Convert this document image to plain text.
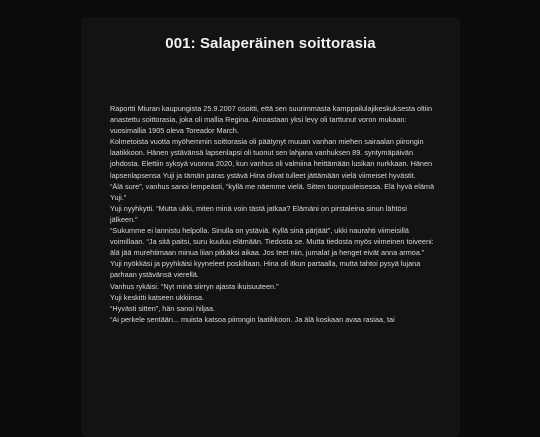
001: Salaperäinen soittorasia

Raportti Miuran kaupungista 25.9.2007 osoitti, että sen suurimmasta kamppailulajikeskuksesta oltiin anastettu soittorasia, joka oli mallia Regina. Ainoastaan yksi levy oli tarttunut voron mukaan: vuosimallia 1905 oleva Toreador March.

Kolmetoista vuotta myöhemmin soittorasia oli päätynyt muuan vanhan miehen sairaalan piirongin laatikkoon. Hänen ystävänsä lapsenlapsi oli tuonut sen lahjana vanhuksen 89. syntymäpäivän johdosta. Elettiin syksyä vuonna 2020, kun vanhus oli valmiina heittämään lusikan nurkkaan. Hänen lapsenlapsensa Yuji ja tämän paras ystävä Hina olivat tulleet jättämään vielä viimeiset hyvästit.

“Älä sure”, vanhus sanoi lempeästi, “kyllä me näemme vielä. Sitten tuonpuoleisessa. Elä hyvä elämä Yuji.”

Yuji nyyhkytti. “Mutta ukki, miten minä voin tästä jatkaa? Elämäni on pirstaleina sinun lähtösi jälkeen.”

“Sukumme ei lannistu helpolla. Sinulla on ystäviä. Kyllä sinä pärjäät”, ukki naurahti viimeisillä voimillaan. “Ja sitä paitsi, suru kuuluu elämään. Tiedosta se. Mutta tiedosta myös viimeinen toiveeni: älä jää murehtimaan minua liian pitkäksi aikaa. Jos teet niin, jumalat ja henget eivät anna armoa.”

Yuji nyökkäsi ja pyyhkäisi kyyneleet poskiltaan. Hina oli itkun partaalla, mutta tahtoi pysyä lujana parhaan ystävänsä vierellä.

Vanhus rykäisi. “Nyt minä siirryn ajasta ikuisuuteen.”

Yuji keskitti katseen ukkiinsa.

“Hyvästi sitten”, hän sanoi hiljaa.

“Ai perkele sentään... muista katsoa piirongin laatikkoon. Ja älä koskaan avaa rasiaa, tai
